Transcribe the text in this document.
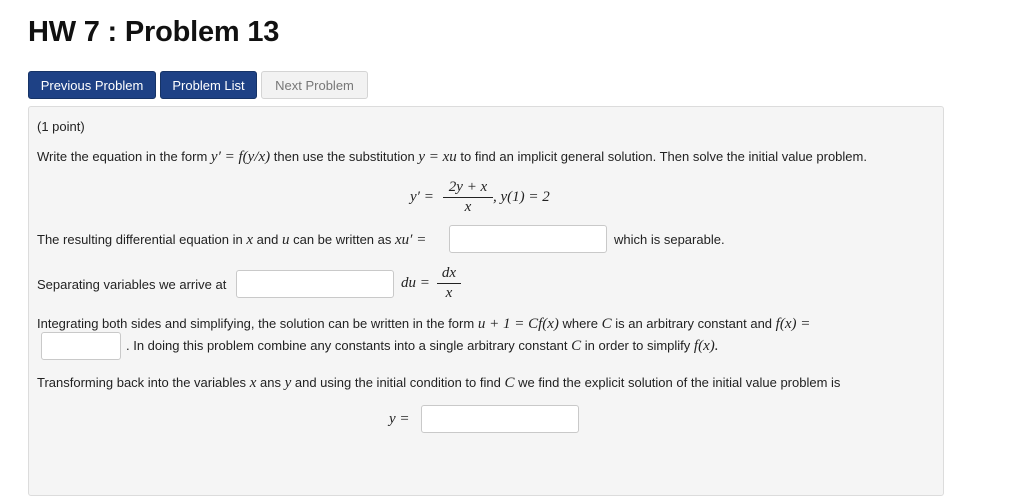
HW 7 : Problem 13
Previous Problem	Problem List	Next Problem
(1 point)
Write the equation in the form y′ = f(y/x) then use the substitution y = xu to find an implicit general solution. Then solve the initial value problem.
y′ =
2y + x
x
, y(1) = 2
The resulting differential equation in x and u can be written as xu′ =	which is separable.
Separating variables we arrive at	du =
dx
x
Integrating both sides and simplifying, the solution can be written in the form u + 1 = Cf(x) where C is an arbitrary constant and f(x) =
. In doing this problem combine any constants into a single arbitrary constant C in order to simplify f(x).
Transforming back into the variables x ans y and using the initial condition to find C we find the explicit solution of the initial value problem is
y =
